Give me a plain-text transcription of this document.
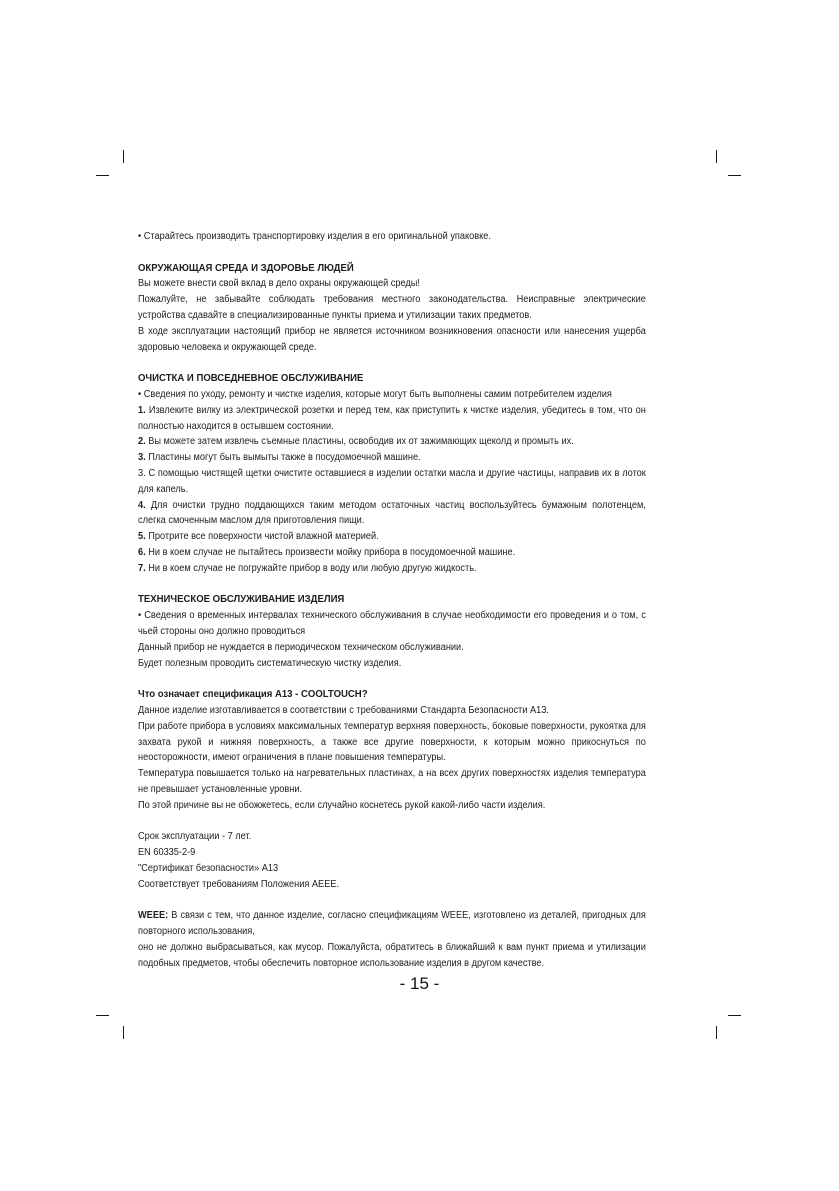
• Старайтесь производить транспортировку изделия в его оригинальной упаковке.

ОКРУЖАЮЩАЯ СРЕДА И ЗДОРОВЬЕ ЛЮДЕЙ

Вы можете внести свой вклад в дело охраны окружающей среды!

Пожалуйте, не забывайте соблюдать требования местного законодательства. Неисправные электрические устройства сдавайте в специализированные пункты приема и утилизации таких предметов.

В ходе эксплуатации настоящий прибор не является источником возникновения опасности или нанесения ущерба здоровью человека и окружающей среде.

ОЧИСТКА И ПОВСЕДНЕВНОЕ ОБСЛУЖИВАНИЕ

• Сведения по уходу, ремонту и чистке изделия, которые могут быть выполнены самим потребителем изделия

1. Извлеките вилку из электрической розетки и перед тем, как приступить к чистке изделия, убедитесь в том, что он полностью находится в остывшем состоянии.

2. Вы можете затем извлечь съемные пластины, освободив их от зажимающих щеколд и промыть их.

3. Пластины могут быть вымыты также в посудомоечной машине.

3. С помощью чистящей щетки очистите оставшиеся в изделии остатки масла и другие частицы, направив их в лоток для капель.

4. Для очистки трудно поддающихся таким методом остаточных частиц воспользуйтесь бумажным полотенцем, слегка смоченным маслом для приготовления пищи.

5. Протрите все поверхности чистой влажной материей.

6. Ни в коем случае не пытайтесь произвести мойку прибора в посудомоечной машине.

7. Ни в коем случае не погружайте прибор в воду или любую другую жидкость.

ТЕХНИЧЕСКОЕ ОБСЛУЖИВАНИЕ ИЗДЕЛИЯ

• Сведения о временных интервалах технического обслуживания в случае необходимости его проведения и о том, с чьей стороны оно должно проводиться

Данный прибор не нуждается в периодическом техническом обслуживании.

Будет полезным проводить систематическую чистку изделия.

Что означает спецификация A13 - COOLTOUCH?

Данное изделие изготавливается в соответствии с требованиями Стандарта Безопасности A13.

При работе прибора в условиях максимальных температур верхняя поверхность, боковые поверхности, рукоятка для захвата рукой и нижняя поверхность, а также все другие поверхности, к которым можно прикоснуться по неосторожности, имеют ограничения в плане повышения температуры.

Температура повышается только на нагревательных пластинах, а на всех других поверхностях изделия температура не превышает установленные уровни.

По этой причине вы не обожжетесь, если случайно коснетесь рукой какой-либо части изделия.

Срок эксплуатации - 7 лет.

EN 60335-2-9

"Сертификат безопасности» A13

Соответствует требованиям Положения AEEE.

WEEE: В связи с тем, что данное изделие, согласно спецификациям WEEE, изготовлено из деталей, пригодных для повторного использования,

оно не должно выбрасываться, как мусор. Пожалуйста, обратитесь в ближайший к вам пункт приема и утилизации подобных предметов, чтобы обеспечить повторное использование изделия в другом качестве.

- 15 -
